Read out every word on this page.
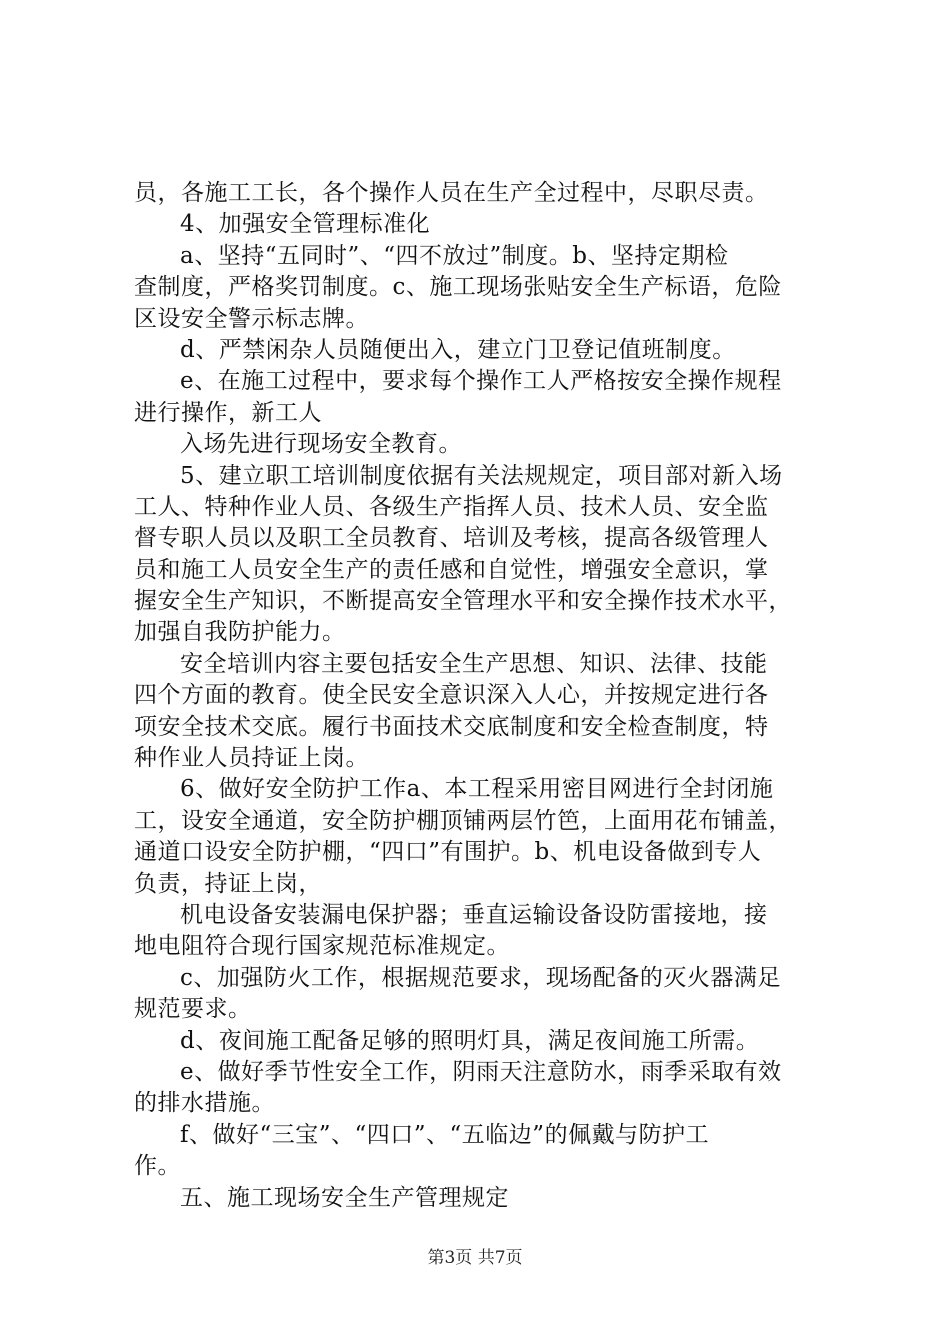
员，各施工工长，各个操作人员在生产全过程中，尽职尽责。
4、加强安全管理标准化
a、坚持“五同时”、“四不放过”制度。b、坚持定期检
查制度，严格奖罚制度。c、施工现场张贴安全生产标语，危险
区设安全警示标志牌。
d、严禁闲杂人员随便出入，建立门卫登记值班制度。
e、在施工过程中，要求每个操作工人严格按安全操作规程
进行操作，新工人
入场先进行现场安全教育。
5、建立职工培训制度依据有关法规规定，项目部对新入场
工人、特种作业人员、各级生产指挥人员、技术人员、安全监
督专职人员以及职工全员教育、培训及考核，提高各级管理人
员和施工人员安全生产的责任感和自觉性，增强安全意识，掌
握安全生产知识，不断提高安全管理水平和安全操作技术水平，
加强自我防护能力。
安全培训内容主要包括安全生产思想、知识、法律、技能
四个方面的教育。使全民安全意识深入人心，并按规定进行各
项安全技术交底。履行书面技术交底制度和安全检查制度，特
种作业人员持证上岗。
6、做好安全防护工作a、本工程采用密目网进行全封闭施
工，设安全通道，安全防护棚顶铺两层竹笆，上面用花布铺盖，
通道口设安全防护棚，“四口”有围护。b、机电设备做到专人
负责，持证上岗，
机电设备安装漏电保护器；垂直运输设备设防雷接地，接
地电阻符合现行国家规范标准规定。
c、加强防火工作，根据规范要求，现场配备的灭火器满足
规范要求。
d、夜间施工配备足够的照明灯具，满足夜间施工所需。
e、做好季节性安全工作，阴雨天注意防水，雨季采取有效
的排水措施。
f、做好“三宝”、“四口”、“五临边”的佩戴与防护工
作。
五、施工现场安全生产管理规定
第3页 共7页
